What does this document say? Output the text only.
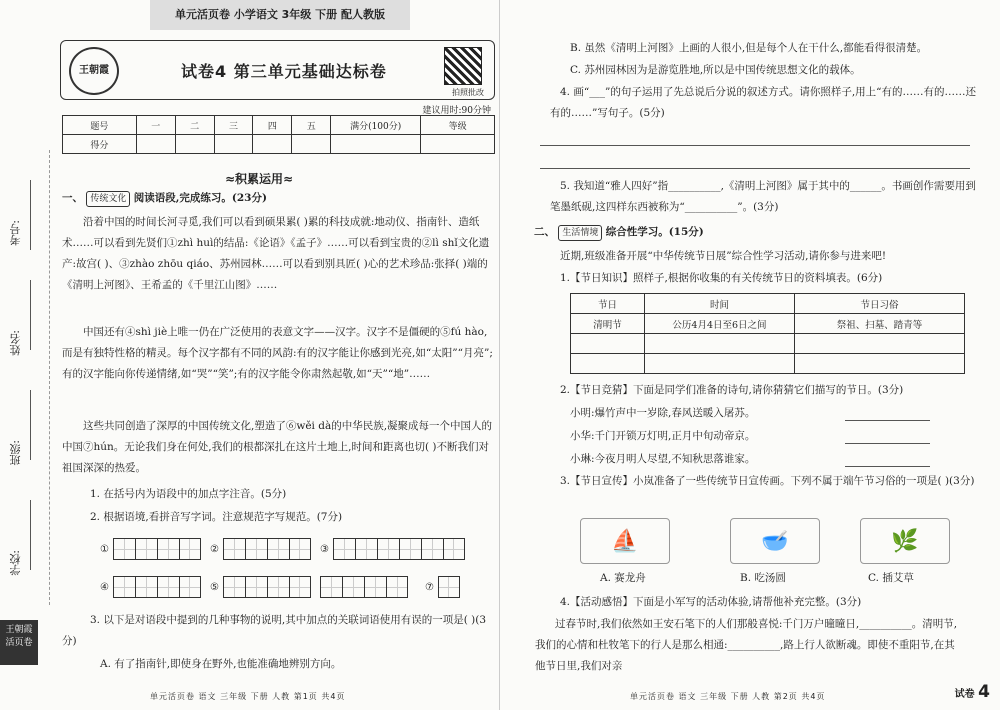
单元活页卷 小学语文 3年级 下册 配人教版
考号:
姓名:
班级:
学校:
王朝霞 活页卷
王朝霞	试卷4 第三单元基础达标卷
拍照批改
建议用时:90分钟
题号	一	二	三	四	五	满分(100分)	等级
得分							
≈积累运用≈
一、 传统文化 阅读语段,完成练习。(23分)
沿着中国的时间长河寻觅,我们可以看到硕果累( )累的科技成就:地动仪、指南针、造纸术……可以看到先贤们①zhì huì的结晶:《论语》《孟子》……可以看到宝贵的②lì shǐ文化遗产:故宫( )、③zhào zhōu qiáo、苏州园林……可以看到别具匠( )心的艺术珍品:张择( )端的《清明上河图》、王希孟的《千里江山图》……
中国还有④shì jiè上唯一仍在广泛使用的表意文字——汉字。汉字不是僵硬的⑤fú hào,而是有独特性格的精灵。每个汉字都有不同的风韵:有的汉字能让你感到光亮,如“太阳”“月亮”;有的汉字能向你传递情绪,如“哭”“笑”;有的汉字能令你肃然起敬,如“天”“地”……
这些共同创造了深厚的中国传统文化,塑造了⑥wěi dà的中华民族,凝聚成每一个中国人的中国⑦hún。无论我们身在何处,我们的根都深扎在这片土地上,时间和距离也切( )不断我们对祖国深深的热爱。
1. 在括号内为语段中的加点字注音。(5分)
2. 根据语境,看拼音写字词。注意规范字写规范。(7分)
①	②	③
④	⑤	⑦
3. 以下是对语段中提到的几种事物的说明,其中加点的关联词语使用有误的一项是( )(3分)
A. 有了指南针,即使身在野外,也能准确地辨别方向。
单元活页卷 语文 三年级 下册 人教 第1页 共4页
B. 虽然《清明上河图》上画的人很小,但是每个人在干什么,都能看得很清楚。
C. 苏州园林因为是游览胜地,所以是中国传统思想文化的载体。
4. 画“___”的句子运用了先总说后分说的叙述方式。请你照样子,用上“有的……有的……还有的……”写句子。(5分)
5. 我知道“雅人四好”指__________,《清明上河图》属于其中的______。书画创作需要用到笔墨纸砚,这四样东西被称为“__________”。(3分)
二、 生活情境 综合性学习。(15分)
近期,班级准备开展“中华传统节日展”综合性学习活动,请你参与进来吧!
1.【节日知识】照样子,根据你收集的有关传统节日的资料填表。(6分)
节日	时间	节日习俗
清明节	公历4月4日至6日之间	祭祖、扫墓、踏青等

2.【节日竞猜】下面是同学们准备的诗句,请你猜猜它们描写的节日。(3分)
小明:爆竹声中一岁除,春风送暖入屠苏。
小华:千门开锁万灯明,正月中旬动帝京。
小琳:今夜月明人尽望,不知秋思落谁家。
3.【节日宣传】小岚准备了一些传统节日宣传画。下列不属于端午节习俗的一项是( )(3分)
⛵	🥣	🌿
A. 赛龙舟	B. 吃汤圆	C. 插艾草
4.【活动感悟】下面是小军写的活动体验,请帮他补充完整。(3分)
过春节时,我们依然如王安石笔下的人们那般喜悦:千门万户曈曈日,__________。清明节,我们的心情和杜牧笔下的行人是那么相通:__________,路上行人欲断魂。即使不重阳节,在其他节日里,我们对亲
单元活页卷 语文 三年级 下册 人教 第2页 共4页	试卷 4
